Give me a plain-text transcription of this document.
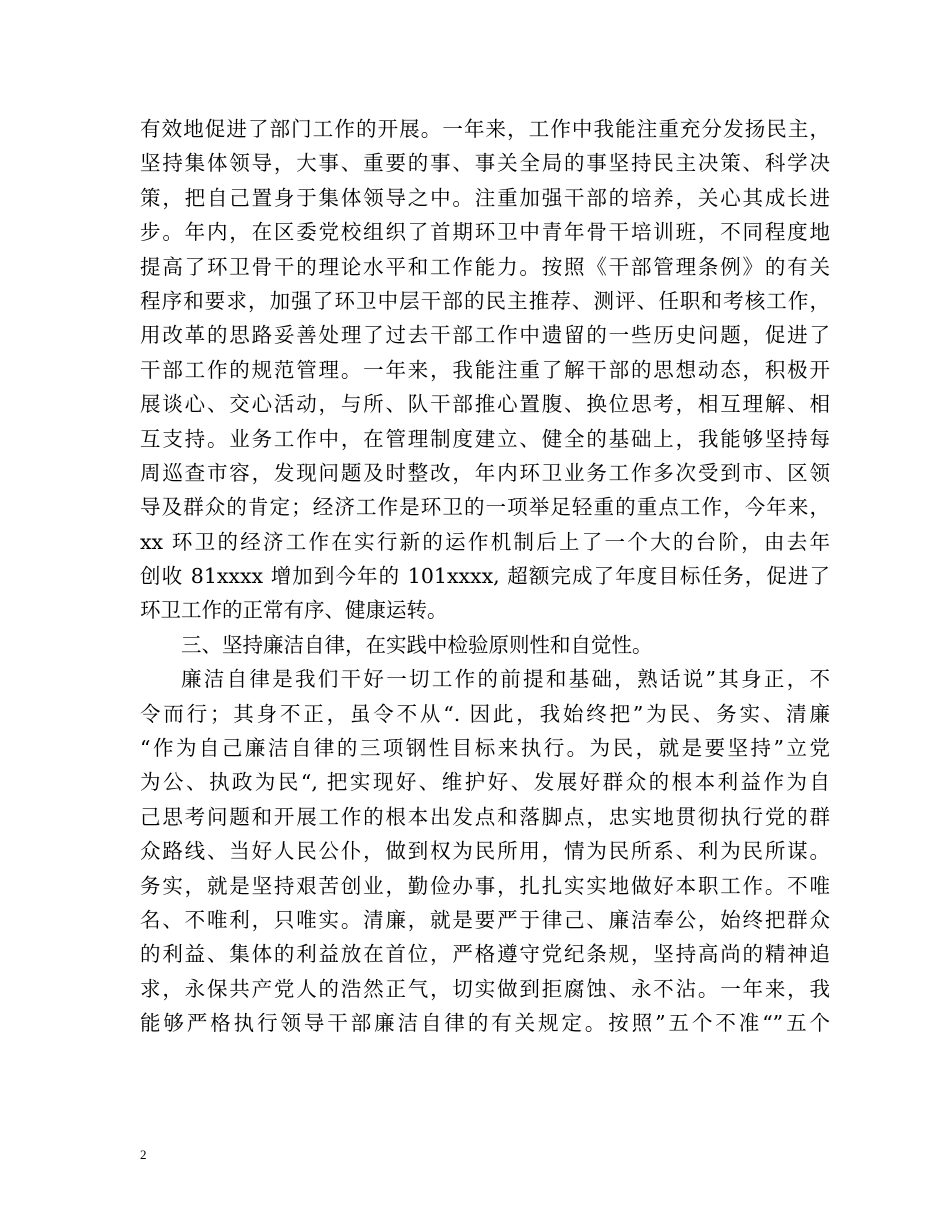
有效地促进了部门工作的开展。一年来，工作中我能注重充分发扬民主，
坚持集体领导，大事、重要的事、事关全局的事坚持民主决策、科学决
策，把自己置身于集体领导之中。注重加强干部的培养，关心其成长进
步。年内，在区委党校组织了首期环卫中青年骨干培训班，不同程度地
提高了环卫骨干的理论水平和工作能力。按照《干部管理条例》的有关
程序和要求，加强了环卫中层干部的民主推荐、测评、任职和考核工作，
用改革的思路妥善处理了过去干部工作中遗留的一些历史问题，促进了
干部工作的规范管理。一年来，我能注重了解干部的思想动态，积极开
展谈心、交心活动，与所、队干部推心置腹、换位思考，相互理解、相
互支持。业务工作中，在管理制度建立、健全的基础上，我能够坚持每
周巡查市容，发现问题及时整改，年内环卫业务工作多次受到市、区领
导及群众的肯定；经济工作是环卫的一项举足轻重的重点工作，今年来，
xx 环卫的经济工作在实行新的运作机制后上了一个大的台阶，由去年
创收 81xxxx 增加到今年的 101xxxx, 超额完成了年度目标任务，促进了
环卫工作的正常有序、健康运转。
三、坚持廉洁自律，在实践中检验原则性和自觉性。
廉洁自律是我们干好一切工作的前提和基础，熟话说”其身正，不
令而行；其身不正，虽令不从“. 因此，我始终把”为民、务实、清廉
“作为自己廉洁自律的三项钢性目标来执行。为民，就是要坚持”立党
为公、执政为民“, 把实现好、维护好、发展好群众的根本利益作为自
己思考问题和开展工作的根本出发点和落脚点，忠实地贯彻执行党的群
众路线、当好人民公仆，做到权为民所用，情为民所系、利为民所谋。
务实，就是坚持艰苦创业，勤俭办事，扎扎实实地做好本职工作。不唯
名、不唯利，只唯实。清廉，就是要严于律己、廉洁奉公，始终把群众
的利益、集体的利益放在首位，严格遵守党纪条规，坚持高尚的精神追
求，永保共产党人的浩然正气，切实做到拒腐蚀、永不沾。一年来，我
能够严格执行领导干部廉洁自律的有关规定。按照”五个不准“”五个
2
